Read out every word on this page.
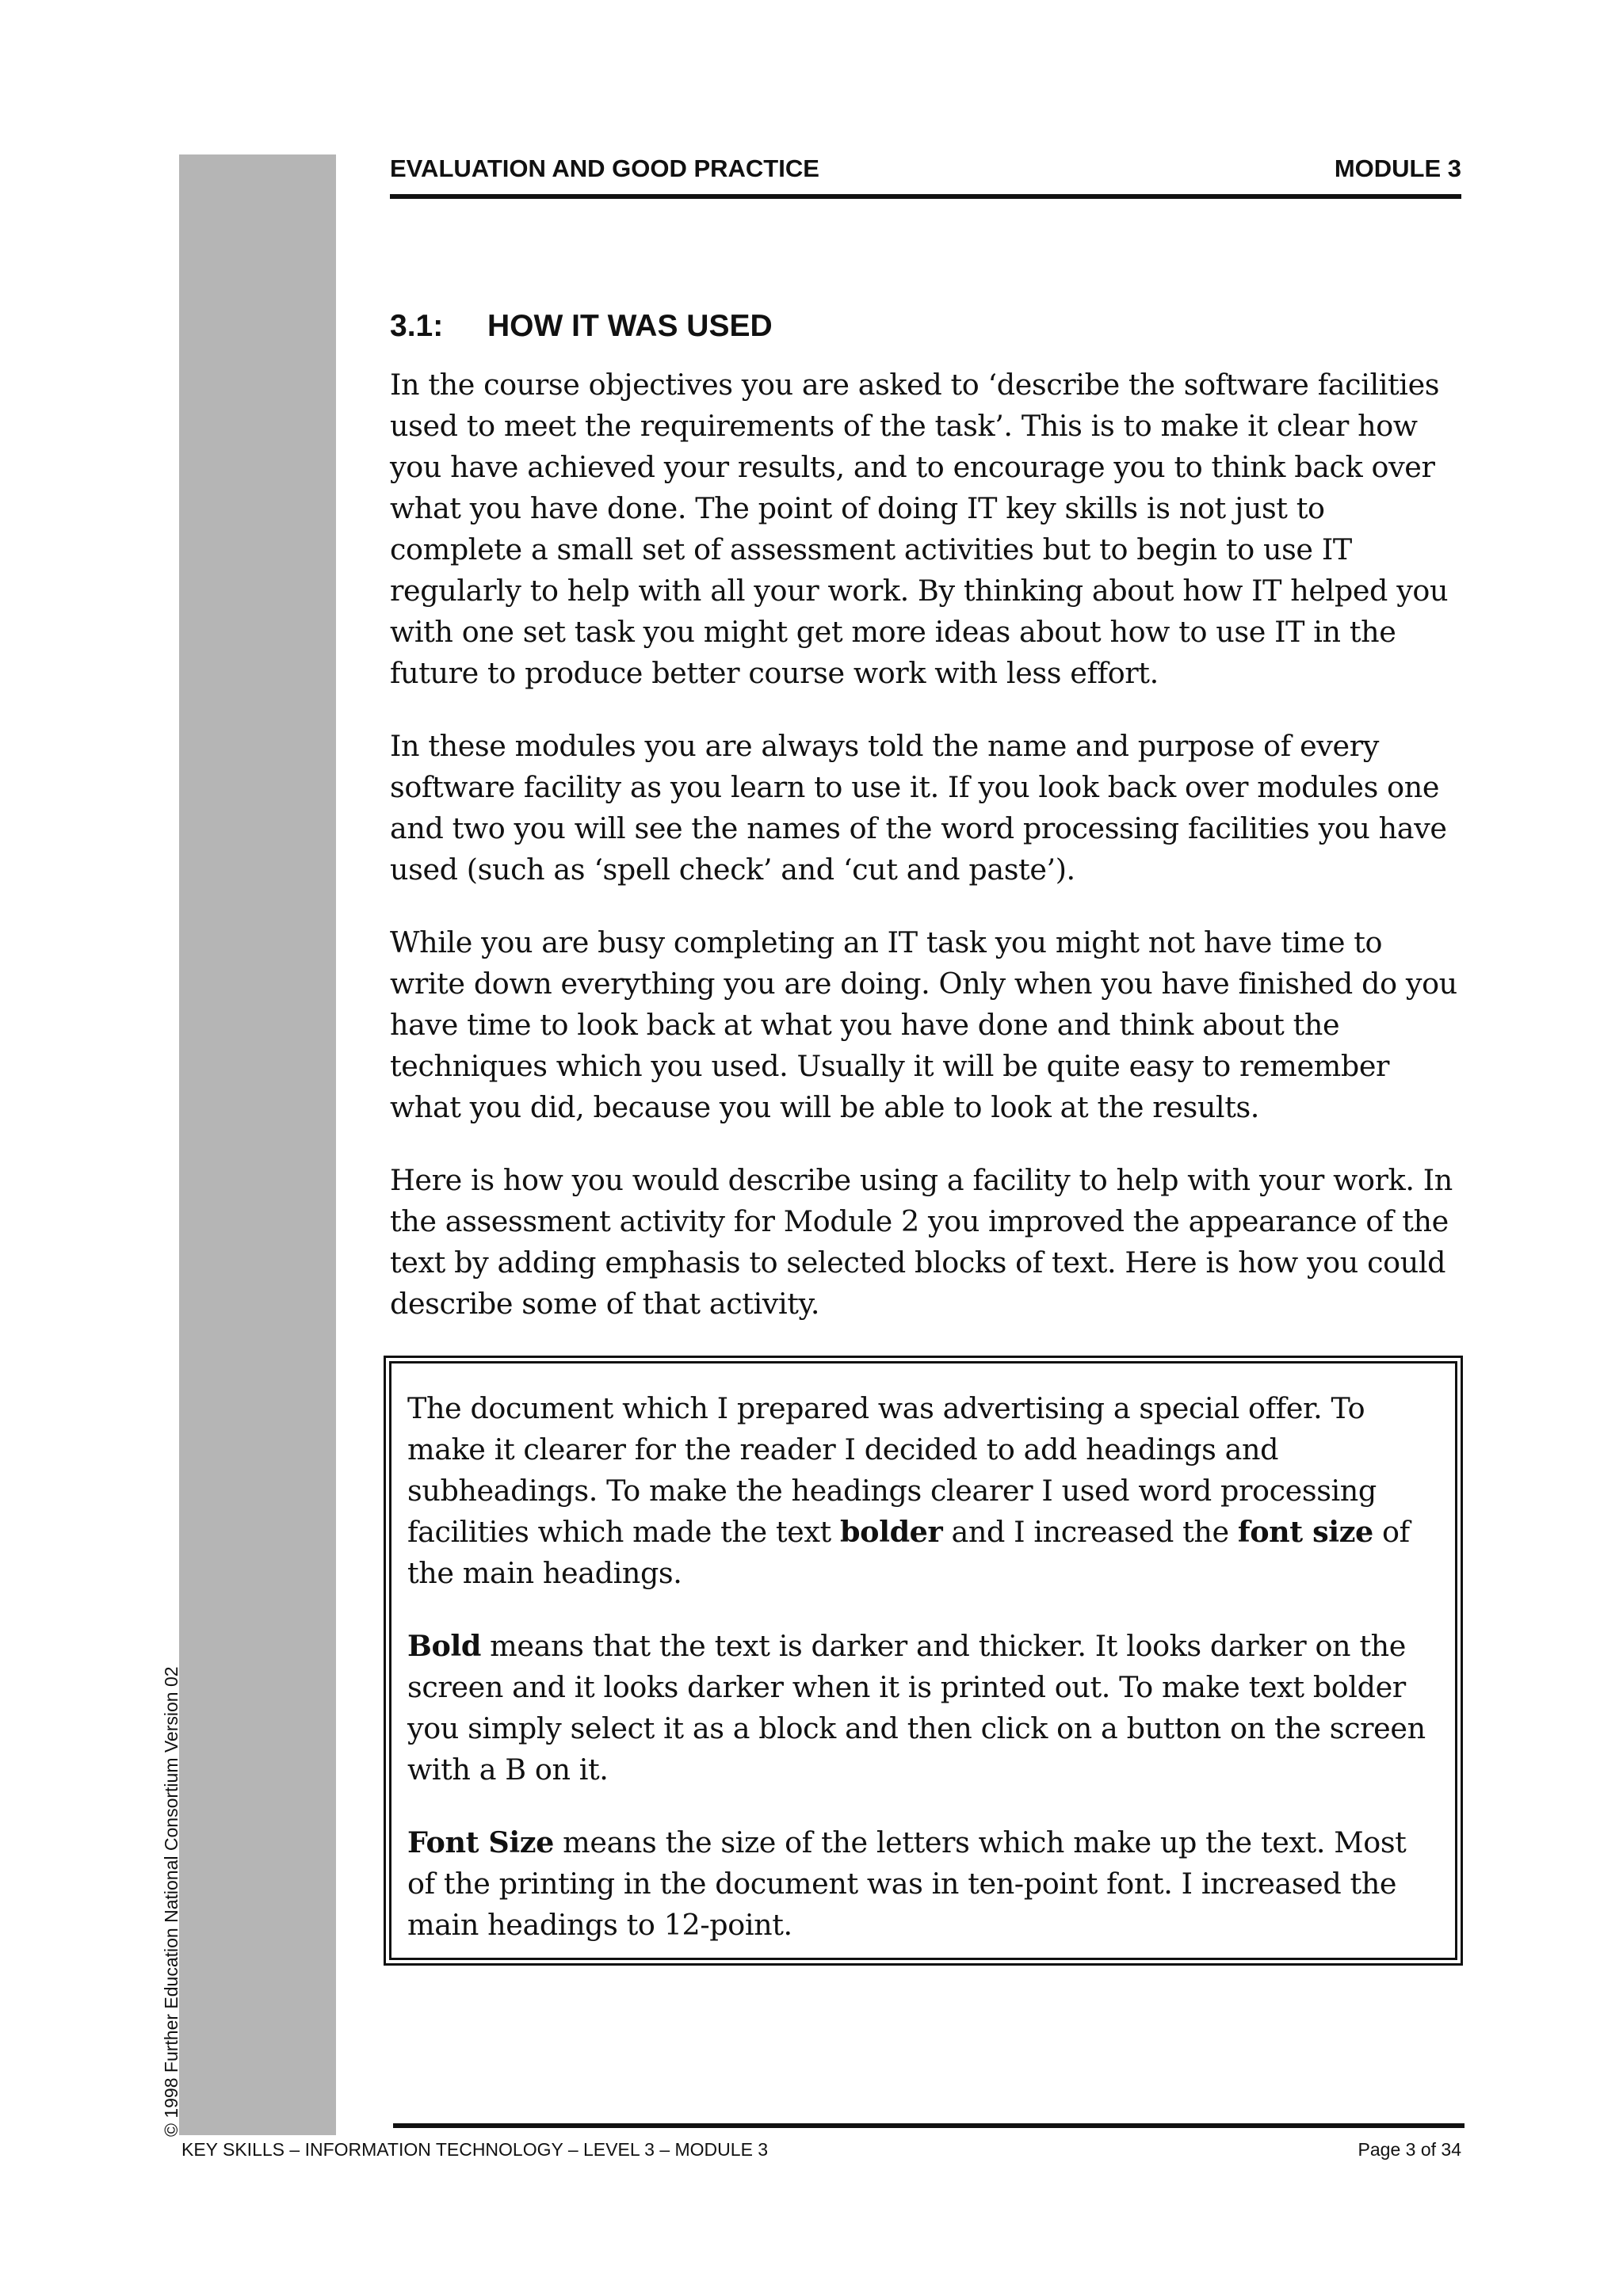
© 1998 Further Education National Consortium Version 02
EVALUATION AND GOOD PRACTICE	MODULE 3
3.1: HOW IT WAS USED

In the course objectives you are asked to ‘describe the software facilities used to meet the requirements of the task’. This is to make it clear how you have achieved your results, and to encourage you to think back over what you have done. The point of doing IT key skills is not just to complete a small set of assessment activities but to begin to use IT regularly to help with all your work. By thinking about how IT helped you with one set task you might get more ideas about how to use IT in the future to produce better course work with less effort.

In these modules you are always told the name and purpose of every software facility as you learn to use it. If you look back over modules one and two you will see the names of the word processing facilities you have used (such as ‘spell check’ and ‘cut and paste’).

While you are busy completing an IT task you might not have time to write down everything you are doing. Only when you have finished do you have time to look back at what you have done and think about the techniques which you used. Usually it will be quite easy to remember what you did, because you will be able to look at the results.

Here is how you would describe using a facility to help with your work. In the assessment activity for Module 2 you improved the appearance of the text by adding emphasis to selected blocks of text. Here is how you could describe some of that activity.

The document which I prepared was advertising a special offer. To make it clearer for the reader I decided to add headings and subheadings. To make the headings clearer I used word processing facilities which made the text bolder and I increased the font size of the main headings.

Bold means that the text is darker and thicker. It looks darker on the screen and it looks darker when it is printed out. To make text bolder you simply select it as a block and then click on a button on the screen with a B on it.

Font Size means the size of the letters which make up the text. Most of the printing in the document was in ten-point font. I increased the main headings to 12-point.

KEY SKILLS – INFORMATION TECHNOLOGY – LEVEL 3 – MODULE 3	Page 3 of 34
